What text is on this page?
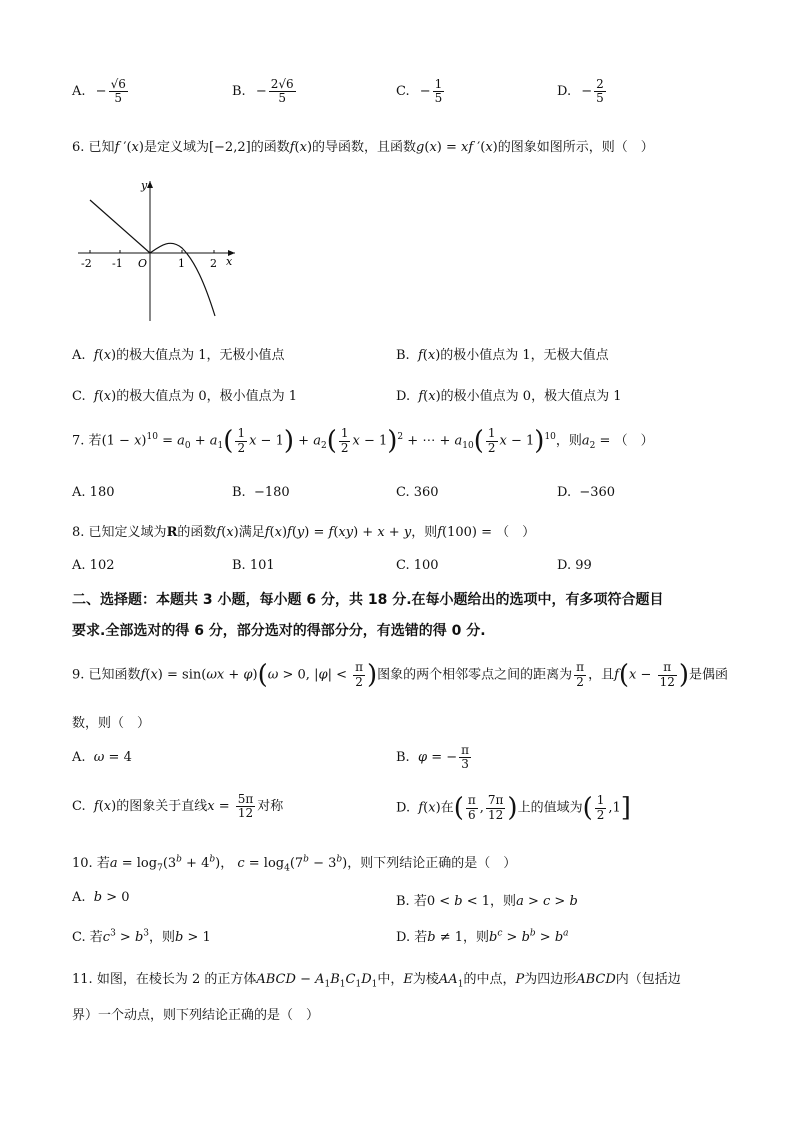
A. − $\frac{√6}{5}$	B. − $\frac{2√6}{5}$	C. − $\frac{1}{5}$	D. − $\frac{2}{5}$
6. 已知f ′(x)是定义域为[−2,2]的函数f(x)的导函数，且函数g(x) = xf ′(x)的图象如图所示，则（　）
-2 -1 O	1 2 x
y
A. f(x)的极大值点为 1，无极小值点	B. f(x)的极小值点为 1，无极大值点
C. f(x)的极大值点为 0，极小值点为 1	D. f(x)的极小值点为 0，极大值点为 1
7. 若$(1 - x)^{10} = a_0 + a_1( \frac{1}{2}$ $x - 1) + a_2( \frac{1}{2}$ $x - 1)^2$ + ⋯ + $a_{10}( \frac{1}{2}$ $x - 1)^{10}$，则$a_2$ = （　）
A. 180	B. −180	C. 360	D. −360
8. 已知定义域为R的函数f(x)满足f(x)f(y) = f(xy) + x + y，则f(100) = （　）
A. 102	B. 101	C. 100	D. 99
二、选择题：本题共 3 小题，每小题 6 分，共 18 分.在每小题给出的选项中，有多项符合题目
要求.全部选对的得 6 分，部分选对的得部分分，有选错的得 0 分.
9. 已知函数f(x) = sin(ωx + φ)(ω > 0, $|\varphi| < \frac{\pi}{2}$ )图象的两个相邻零点之间的距离为 $\frac{\pi}{2}$ ，且$f(x - \frac{\pi}{12}$ )是偶函
数，则（　）
A. ω = 4	B. φ = − $\frac{\pi}{3}$
C. f(x)的图象关于直线$x = \frac{5\pi}{12}$ 对称	D. f(x)在( $\frac{\pi}{6}$ , $\frac{7\pi}{12}$ )上的值域为( $\frac{1}{2} ,1$]
10. 若$a = \log_7(3^b + 4^b)$， $c = \log_4(7^b - 3^b)$，则下列结论正确的是（　）
A. b > 0	B. 若0 < b < 1，则a > c > b
C. 若$c^3 > b^3$，则b > 1	D. 若b ≠ 1，则$b^c > b^b > b^a$
11. 如图，在棱长为 2 的正方体ABCD − $A_1B_1C_1D_1$中，E为棱$AA_1$的中点，P为四边形ABCD内（包括边
界）一个动点，则下列结论正确的是（　）
